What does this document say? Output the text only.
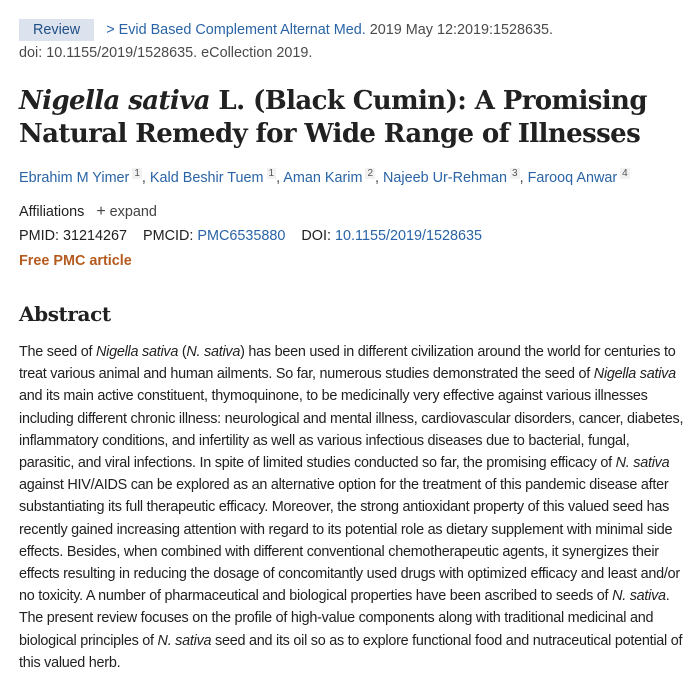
Review > Evid Based Complement Alternat Med. 2019 May 12:2019:1528635.
doi: 10.1155/2019/1528635. eCollection 2019.
Nigella sativa L. (Black Cumin): A Promising Natural Remedy for Wide Range of Illnesses
Ebrahim M Yimer $^1$ , Kald Beshir Tuem $^1$ , Aman Karim $^2$ , Najeeb Ur-Rehman $^3$ , Farooq Anwar $^4$
Affiliations + expand
PMID: 31214267 PMCID: PMC6535880 DOI: 10.1155/2019/1528635
Free PMC article
Abstract

The seed of Nigella sativa (N. sativa) has been used in different civilization around the world for centuries to treat various animal and human ailments. So far, numerous studies demonstrated the seed of Nigella sativa and its main active constituent, thymoquinone, to be medicinally very effective against various illnesses including different chronic illness: neurological and mental illness, cardiovascular disorders, cancer, diabetes, inflammatory conditions, and infertility as well as various infectious diseases due to bacterial, fungal, parasitic, and viral infections. In spite of limited studies conducted so far, the promising efficacy of N. sativa against HIV/AIDS can be explored as an alternative option for the treatment of this pandemic disease after substantiating its full therapeutic efficacy. Moreover, the strong antioxidant property of this valued seed has recently gained increasing attention with regard to its potential role as dietary supplement with minimal side effects. Besides, when combined with different conventional chemotherapeutic agents, it synergizes their effects resulting in reducing the dosage of concomitantly used drugs with optimized efficacy and least and/or no toxicity. A number of pharmaceutical and biological properties have been ascribed to seeds of N. sativa. The present review focuses on the profile of high-value components along with traditional medicinal and biological principles of N. sativa seed and its oil so as to explore functional food and nutraceutical potential of this valued herb.
